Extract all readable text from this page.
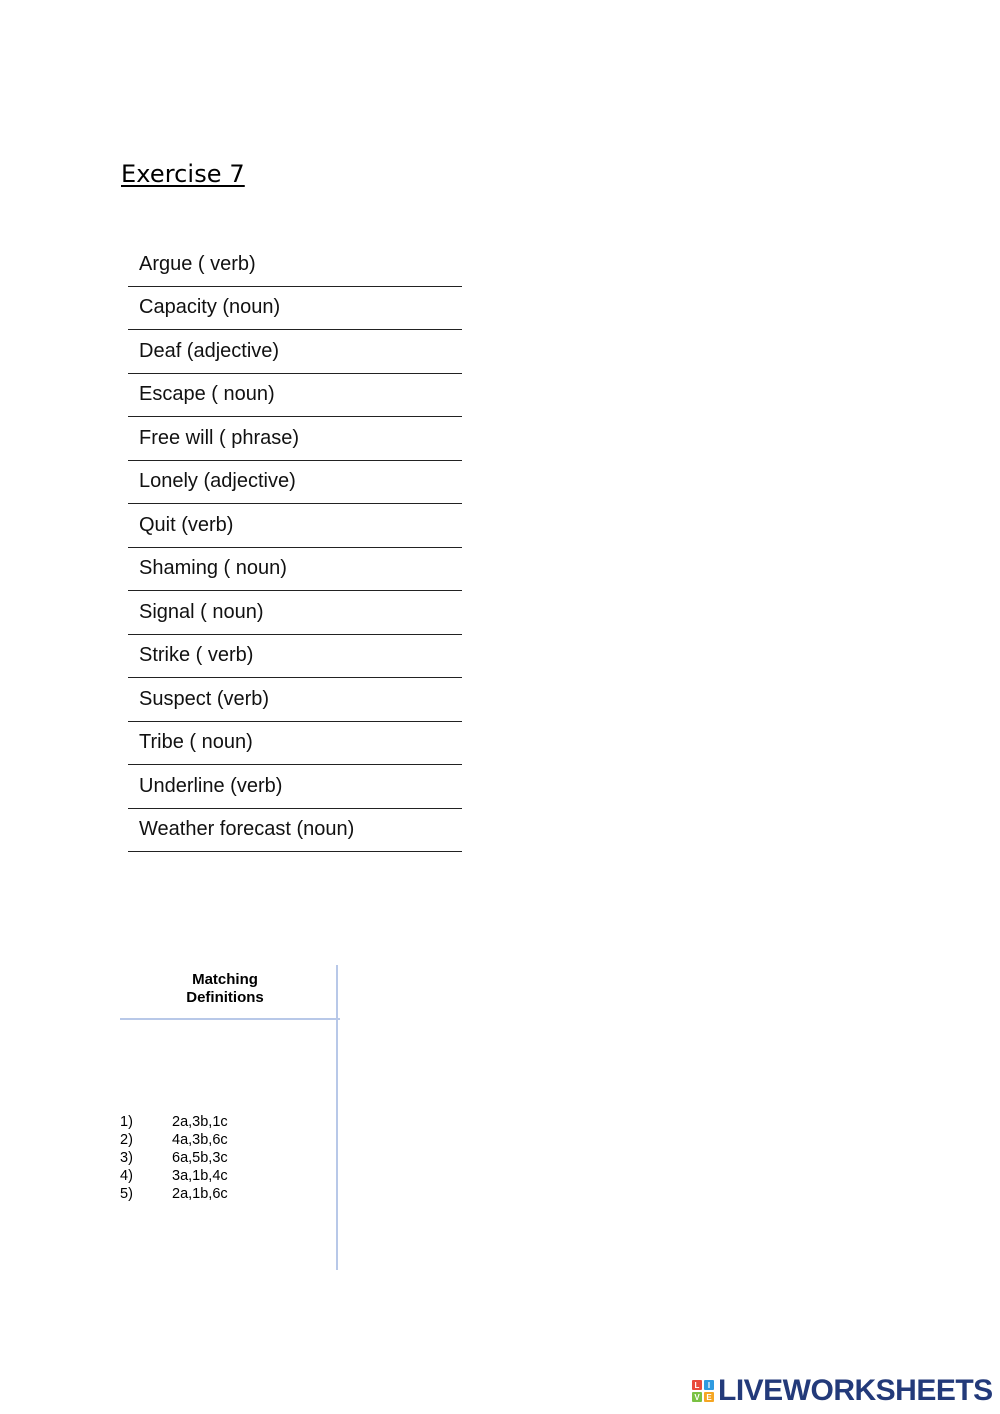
Exercise 7
Argue ( verb)
Capacity (noun)
Deaf (adjective)
Escape ( noun)
Free will ( phrase)
Lonely (adjective)
Quit (verb)
Shaming ( noun)
Signal ( noun)
Strike ( verb)
Suspect (verb)
Tribe ( noun)
Underline (verb)
Weather forecast (noun)
Matching
Definitions
1)	2a,3b,1c
2)	4a,3b,6c
3)	6a,5b,3c
4)	3a,1b,4c
5)	2a,1b,6c
L	I
V E LIVEWORKSHEETS
